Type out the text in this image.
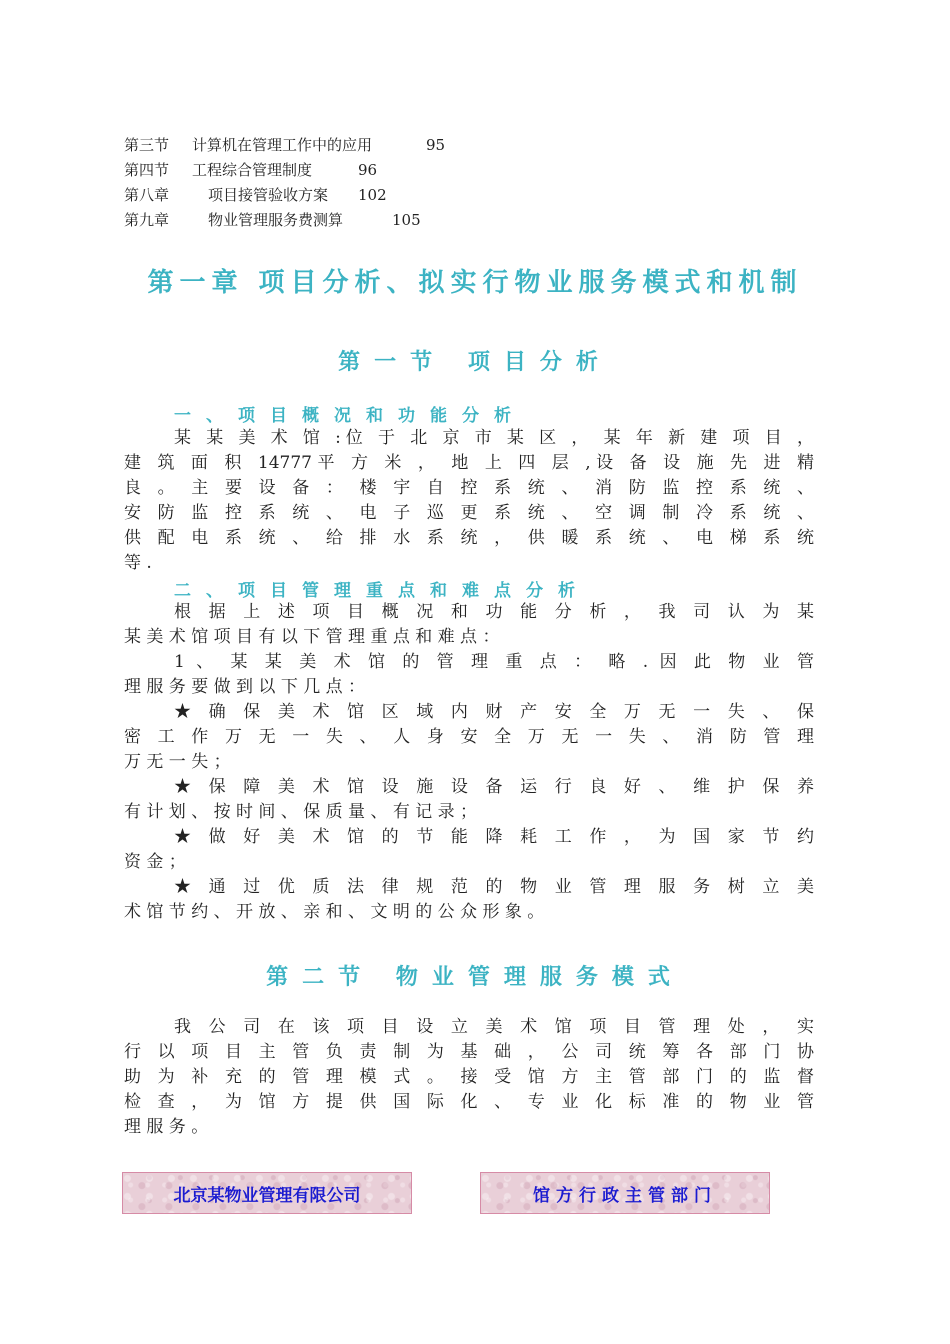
第三节 计算机在管理工作中的应用	95
第四节 工程综合管理制度	96
第八章	项目接管验收方案 102
第九章	物业管理服务费测算	105
第一章 项目分析、拟实行物业服务模式和机制
第一节 项目分析
一、项目概况和功能分析
某 某 美 术 馆 :位 于 北 京 市 某 区 ， 某 年 新 建 项 目 ，
建 筑 面 积 14777平 方 米 ， 地 上 四 层 ,设 备 设 施 先 进 精
良 。 主 要 设 备 ： 楼 宇 自 控 系 统 、 消 防 监 控 系 统 、
安 防 监 控 系 统 、 电 子 巡 更 系 统 、 空 调 制 冷 系 统 、
供 配 电 系 统 、 给 排 水 系 统 ， 供 暖 系 统 、 电 梯 系 统
等 .
二、项目管理重点和难点分析
根 据 上 述 项 目 概 况 和 功 能 分 析 ， 我 司 认 为 某
某 美 术 馆 项 目 有 以 下 管 理 重 点 和 难 点 ：
1 、 某 某 美 术 馆 的 管 理 重 点 ： 略 . 因 此 物 业 管
理 服 务 要 做 到 以 下 几 点 ：
★ 确 保 美 术 馆 区 域 内 财 产 安 全 万 无 一 失 、 保
密 工 作 万 无 一 失 、 人 身 安 全 万 无 一 失 、 消 防 管 理
万 无 一 失 ；
★ 保 障 美 术 馆 设 施 设 备 运 行 良 好 、 维 护 保 养
有 计 划 、 按 时 间 、 保 质 量 、 有 记 录 ；
★ 做 好 美 术 馆 的 节 能 降 耗 工 作 ， 为 国 家 节 约
资 金 ；
★ 通 过 优 质 法 律 规 范 的 物 业 管 理 服 务 树 立 美
术 馆 节 约 、 开 放 、 亲 和 、 文 明 的 公 众 形 象 。
第二节 物业管理服务模式
我 公 司 在 该 项 目 设 立 美 术 馆 项 目 管 理 处 ， 实
行 以 项 目 主 管 负 责 制 为 基 础 ， 公 司 统 筹 各 部 门 协
助 为 补 充 的 管 理 模 式 。 接 受 馆 方 主 管 部 门 的 监 督
检 查 ， 为 馆 方 提 供 国 际 化 、 专 业 化 标 准 的 物 业 管
理 服 务 。
北京某物业管理有限公司	馆方行政主管部门
